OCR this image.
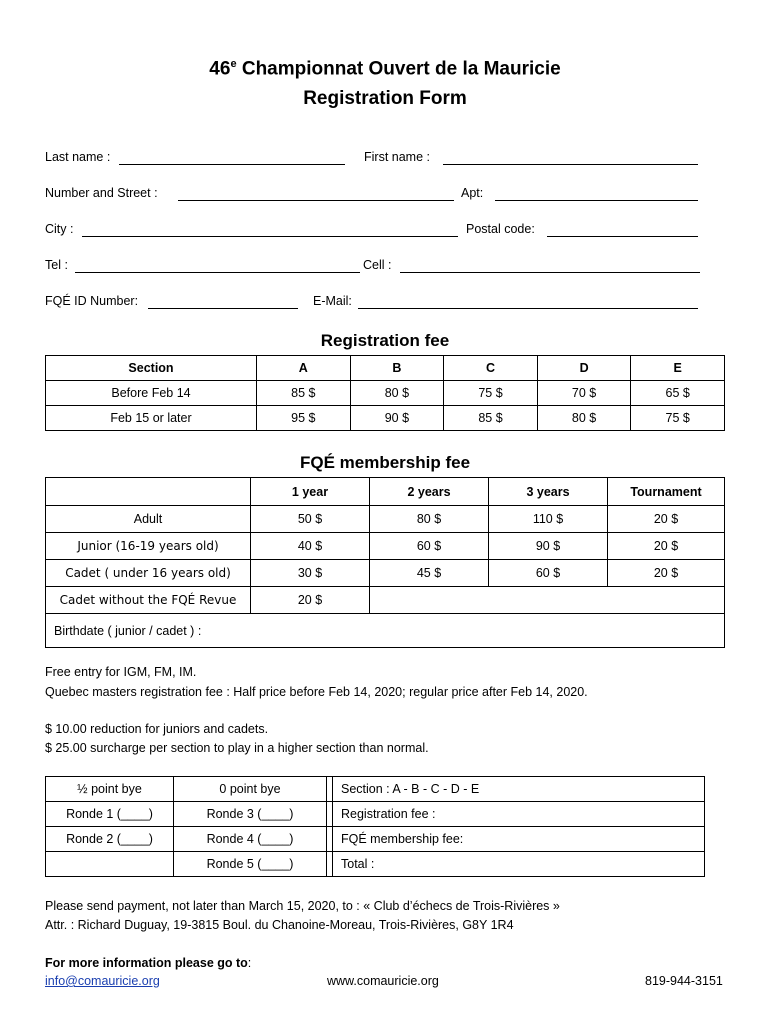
46e Championnat Ouvert de la Mauricie
Registration Form
Last name :	First name :
Number and Street :	Apt:
City :	Postal code:
Tel :	Cell :
FQÉ ID Number:	E-Mail:
Registration fee
Section	A	B	C	D	E
Before Feb 14	85 $	80 $	75 $	70 $	65 $
Feb 15 or later	95 $	90 $	85 $	80 $	75 $
FQÉ membership fee
	1 year	2 years	3 years	Tournament
Adult	50 $	80 $	110 $	20 $
Junior (16-19 years old)	40 $	60 $	90 $	20 $
Cadet ( under 16 years old)	30 $	45 $	60 $	20 $
Cadet without the FQÉ Revue	20 $			
Birthdate ( junior / cadet ) :				
Free entry for IGM, FM, IM.
Quebec masters registration fee : Half price before Feb 14, 2020; regular price after Feb 14, 2020.
$ 10.00 reduction for juniors and cadets.
$ 25.00 surcharge per section to play in a higher section than normal.
½ point bye	0 point bye		Section : A - B - C - D - E
Ronde 1 (____)	Ronde 3 (____)		Registration fee :
Ronde 2 (____)	Ronde 4 (____)		FQÉ membership fee:
	Ronde 5 (____)		Total :
Please send payment, not later than March 15, 2020, to : « Club d’échecs de Trois-Rivières »
Attr. : Richard Duguay, 19-3815 Boul. du Chanoine-Moreau, Trois-Rivières, G8Y 1R4
For more information please go to:
info@comauricie.org	www.comauricie.org	819-944-3151
